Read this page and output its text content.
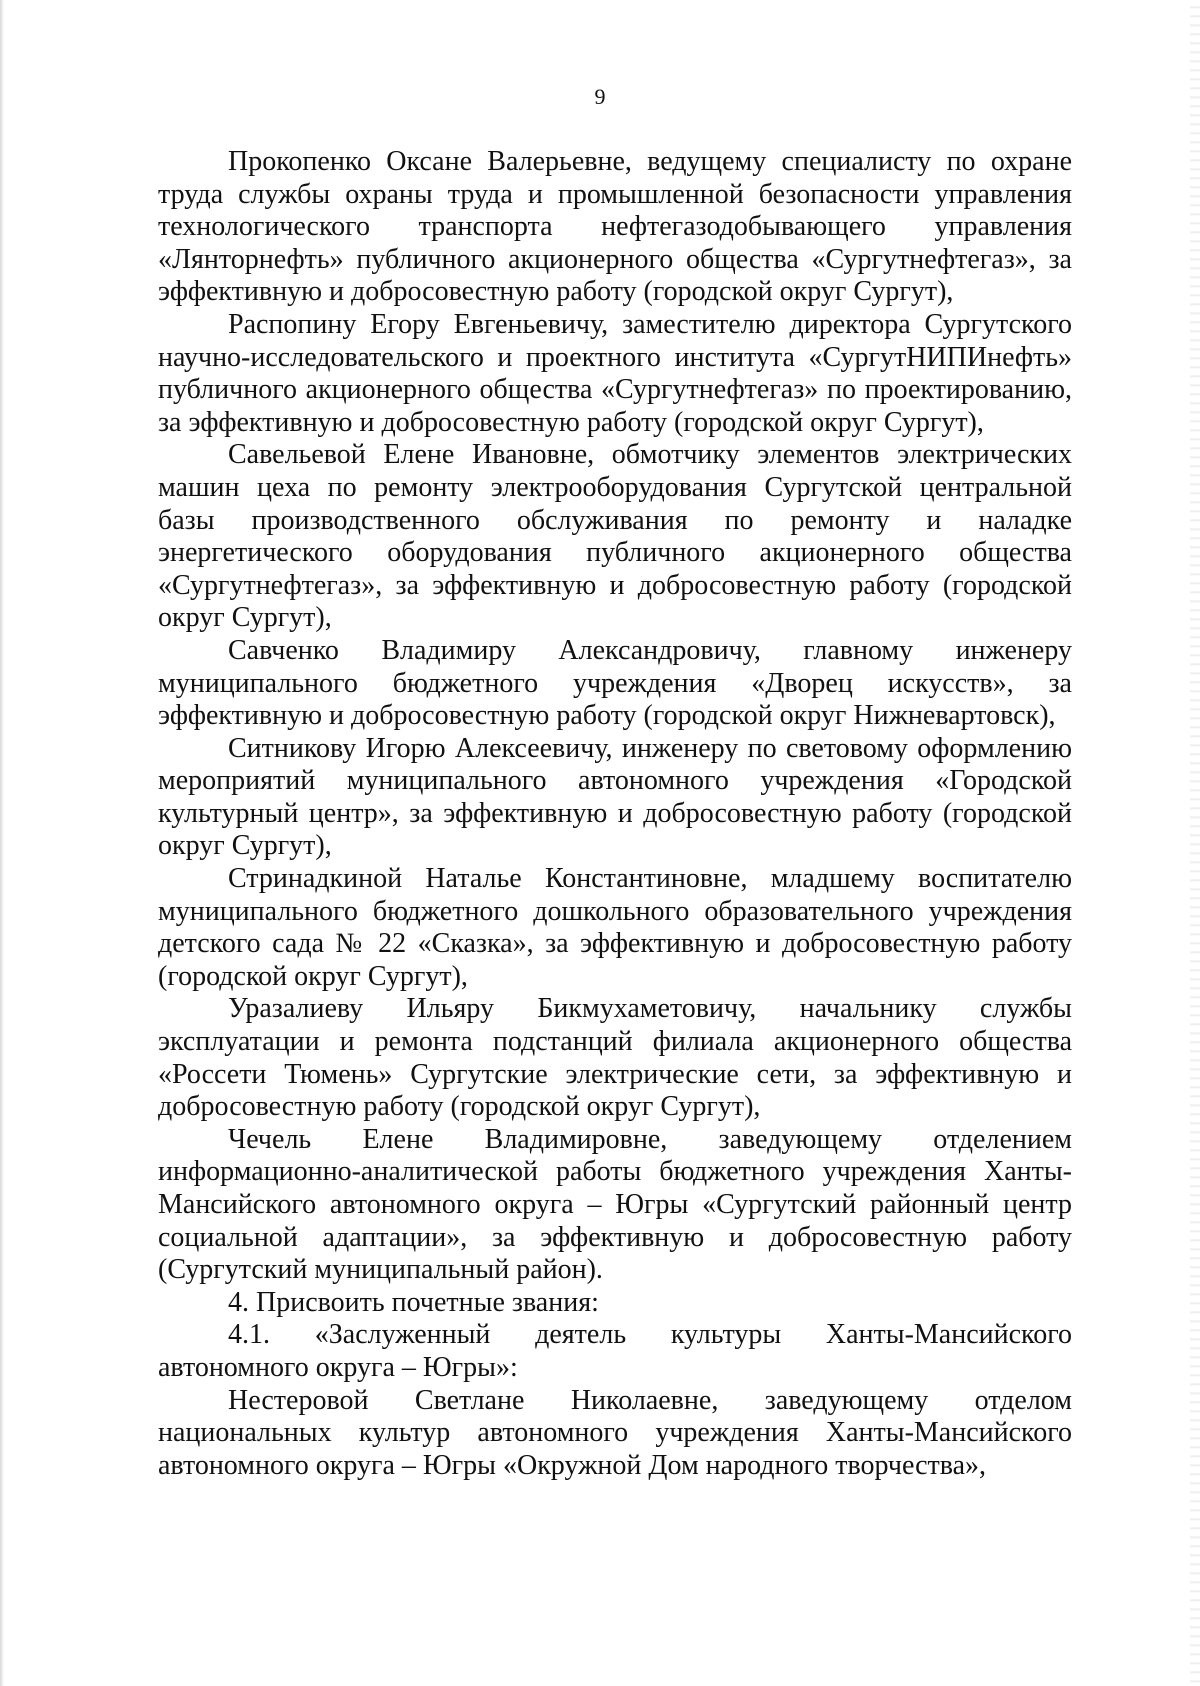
9

Прокопенко Оксане Валерьевне, ведущему специалисту по охране труда службы охраны труда и промышленной безопасности управления технологического транспорта нефтегазодобывающего управления «Лянторнефть» публичного акционерного общества «Сургутнефтегаз», за эффективную и добросовестную работу (городской округ Сургут),

Распопину Егору Евгеньевичу, заместителю директора Сургутского научно-исследовательского и проектного института «СургутНИПИнефть» публичного акционерного общества «Сургутнефтегаз» по проектированию, за эффективную и добросовестную работу (городской округ Сургут),

Савельевой Елене Ивановне, обмотчику элементов электрических машин цеха по ремонту электрооборудования Сургутской центральной базы производственного обслуживания по ремонту и наладке энергетического оборудования публичного акционерного общества «Сургутнефтегаз», за эффективную и добросовестную работу (городской округ Сургут),

Савченко Владимиру Александровичу, главному инженеру муниципального бюджетного учреждения «Дворец искусств», за эффективную и добросовестную работу (городской округ Нижневартовск),

Ситникову Игорю Алексеевичу, инженеру по световому оформлению мероприятий муниципального автономного учреждения «Городской культурный центр», за эффективную и добросовестную работу (городской округ Сургут),

Стринадкиной Наталье Константиновне, младшему воспитателю муниципального бюджетного дошкольного образовательного учреждения детского сада № 22 «Сказка», за эффективную и добросовестную работу (городской округ Сургут),

Уразалиеву Ильяру Бикмухаметовичу, начальнику службы эксплуатации и ремонта подстанций филиала акционерного общества «Россети Тюмень» Сургутские электрические сети, за эффективную и добросовестную работу (городской округ Сургут),

Чечель Елене Владимировне, заведующему отделением информационно-аналитической работы бюджетного учреждения Ханты-Мансийского автономного округа – Югры «Сургутский районный центр социальной адаптации», за эффективную и добросовестную работу (Сургутский муниципальный район).

4. Присвоить почетные звания:

4.1. «Заслуженный деятель культуры Ханты-Мансийского автономного округа – Югры»:

Нестеровой Светлане Николаевне, заведующему отделом национальных культур автономного учреждения Ханты-Мансийского автономного округа – Югры «Окружной Дом народного творчества»,
